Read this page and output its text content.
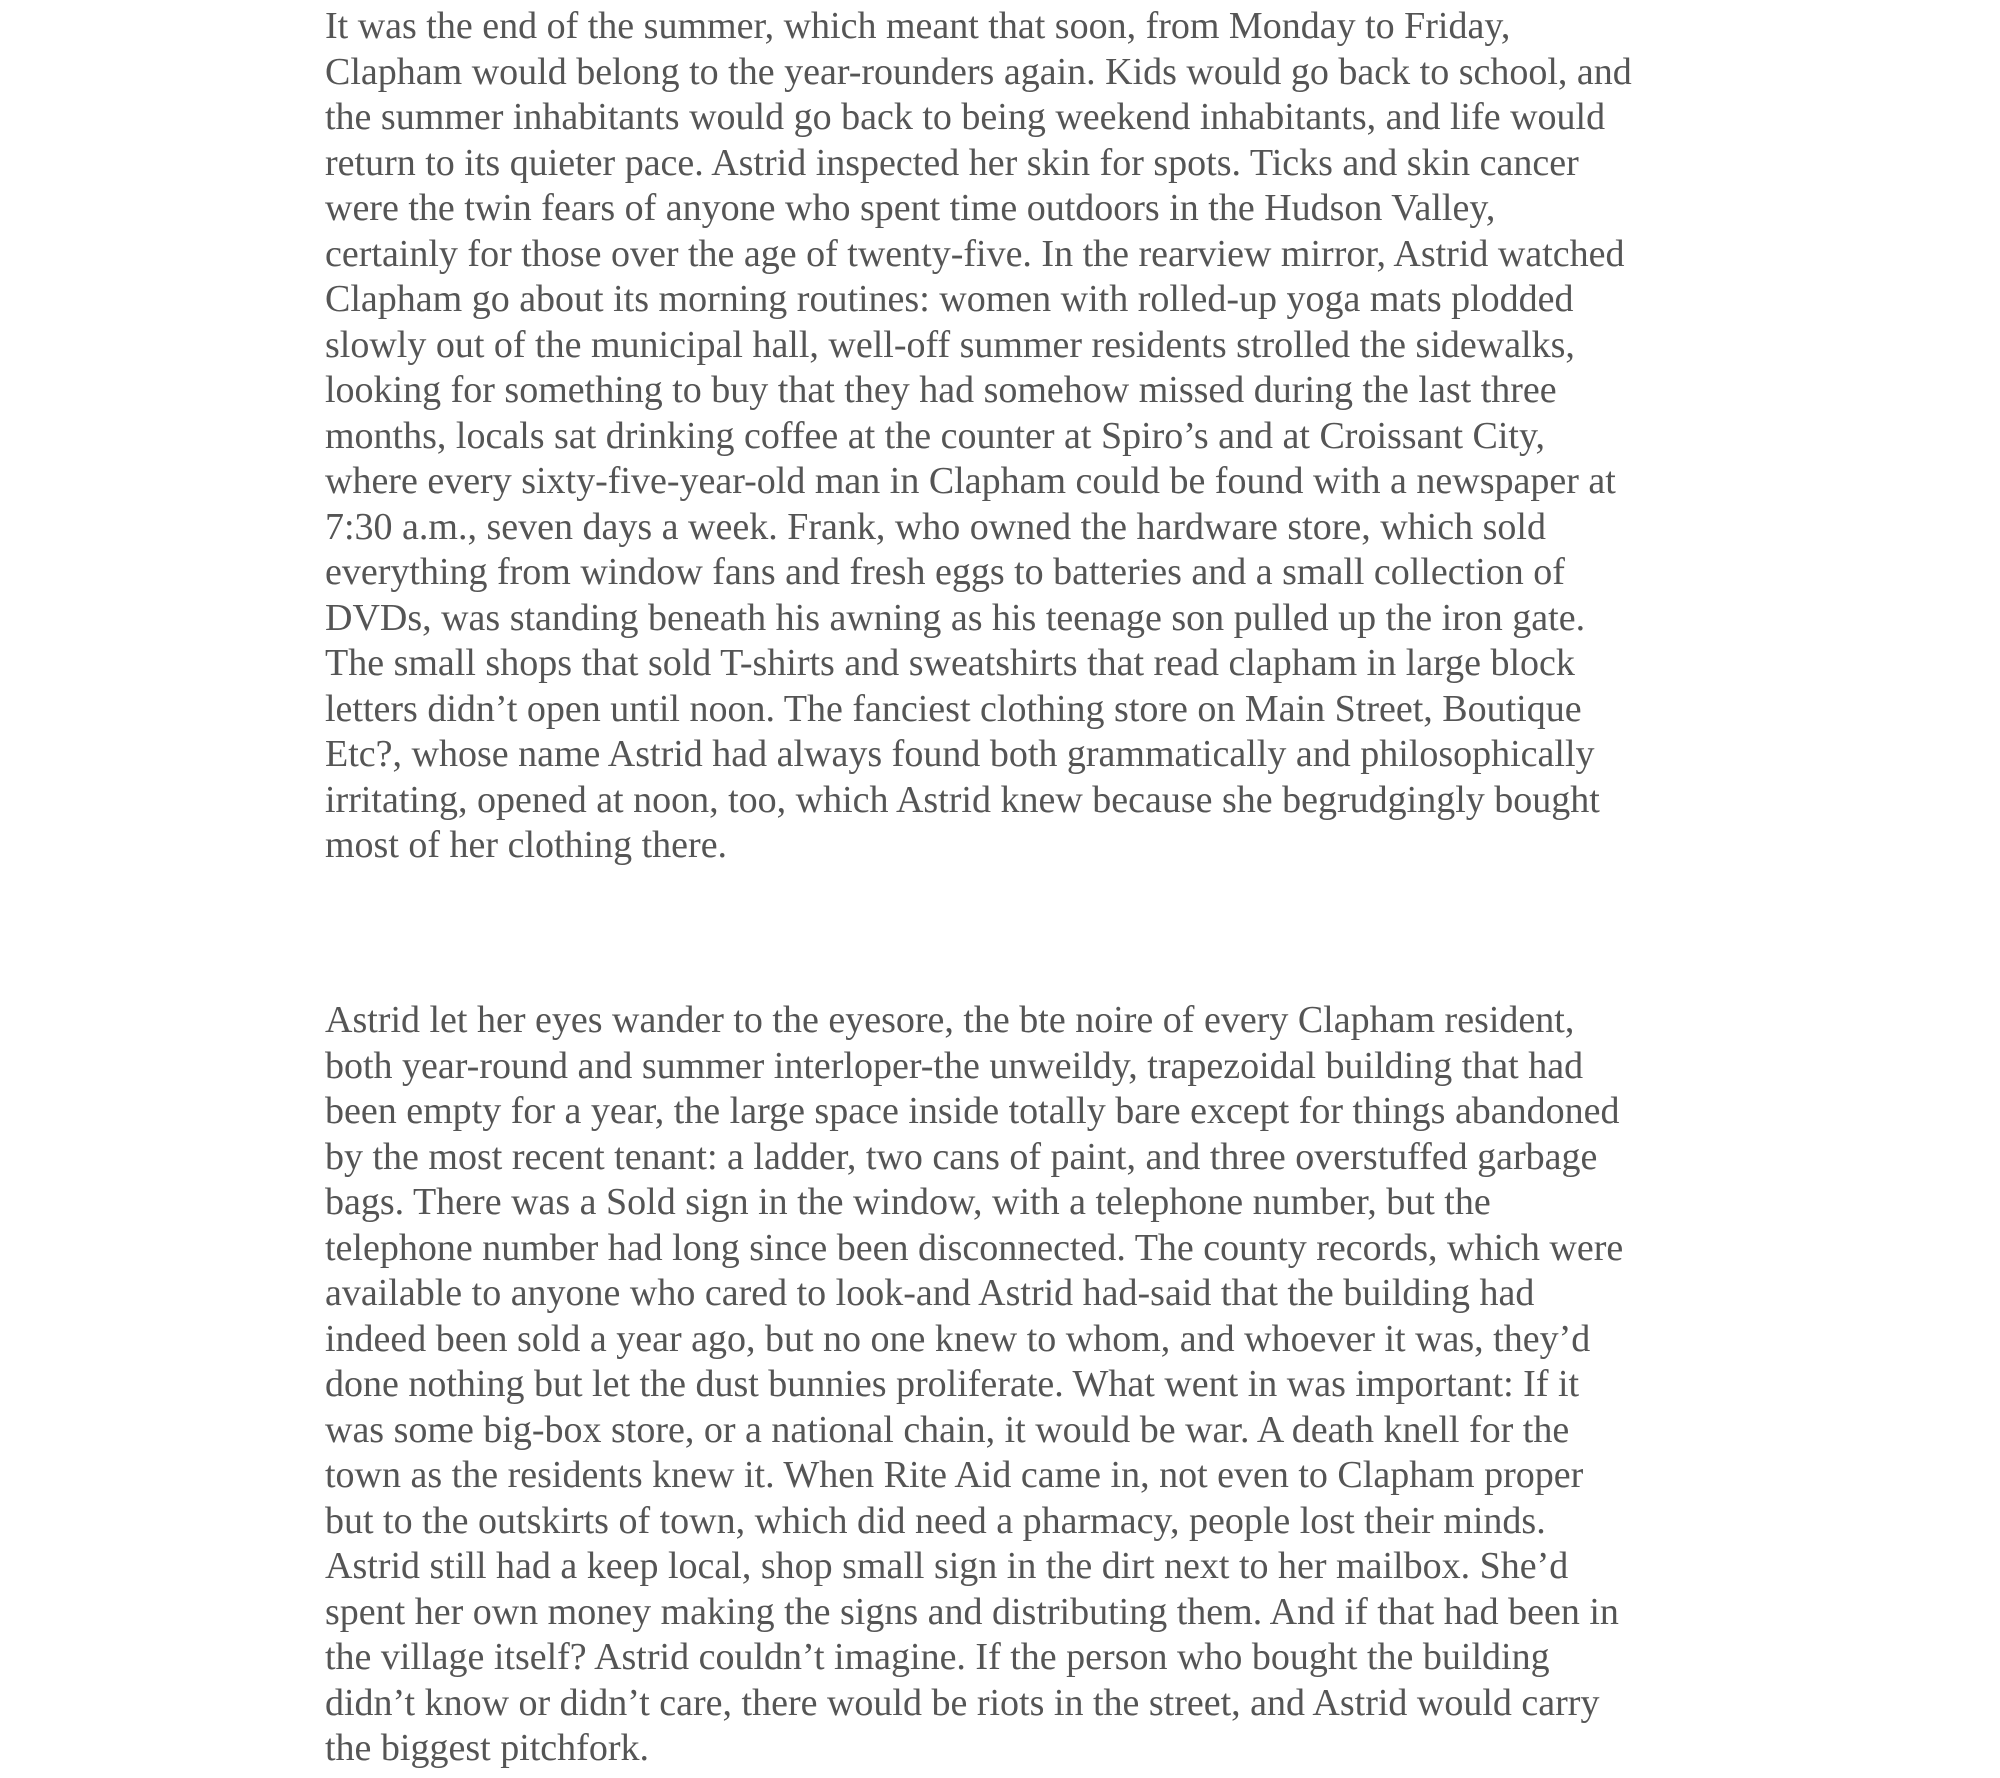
It was the end of the summer, which meant that soon, from Monday to Friday,
Clapham would belong to the year-rounders again. Kids would go back to school, and
the summer inhabitants would go back to being weekend inhabitants, and life would
return to its quieter pace. Astrid inspected her skin for spots. Ticks and skin cancer
were the twin fears of anyone who spent time outdoors in the Hudson Valley,
certainly for those over the age of twenty-five. In the rearview mirror, Astrid watched
Clapham go about its morning routines: women with rolled-up yoga mats plodded
slowly out of the municipal hall, well-off summer residents strolled the sidewalks,
looking for something to buy that they had somehow missed during the last three
months, locals sat drinking coffee at the counter at Spiro’s and at Croissant City,
where every sixty-five-year-old man in Clapham could be found with a newspaper at
7:30 a.m., seven days a week. Frank, who owned the hardware store, which sold
everything from window fans and fresh eggs to batteries and a small collection of
DVDs, was standing beneath his awning as his teenage son pulled up the iron gate.
The small shops that sold T-shirts and sweatshirts that read clapham in large block
letters didn’t open until noon. The fanciest clothing store on Main Street, Boutique
Etc?, whose name Astrid had always found both grammatically and philosophically
irritating, opened at noon, too, which Astrid knew because she begrudgingly bought
most of her clothing there.

Astrid let her eyes wander to the eyesore, the bte noire of every Clapham resident,
both year-round and summer interloper-the unweildy, trapezoidal building that had
been empty for a year, the large space inside totally bare except for things abandoned
by the most recent tenant: a ladder, two cans of paint, and three overstuffed garbage
bags. There was a Sold sign in the window, with a telephone number, but the
telephone number had long since been disconnected. The county records, which were
available to anyone who cared to look-and Astrid had-said that the building had
indeed been sold a year ago, but no one knew to whom, and whoever it was, they’d
done nothing but let the dust bunnies proliferate. What went in was important: If it
was some big-box store, or a national chain, it would be war. A death knell for the
town as the residents knew it. When Rite Aid came in, not even to Clapham proper
but to the outskirts of town, which did need a pharmacy, people lost their minds.
Astrid still had a keep local, shop small sign in the dirt next to her mailbox. She’d
spent her own money making the signs and distributing them. And if that had been in
the village itself? Astrid couldn’t imagine. If the person who bought the building
didn’t know or didn’t care, there would be riots in the street, and Astrid would carry
the biggest pitchfork.
